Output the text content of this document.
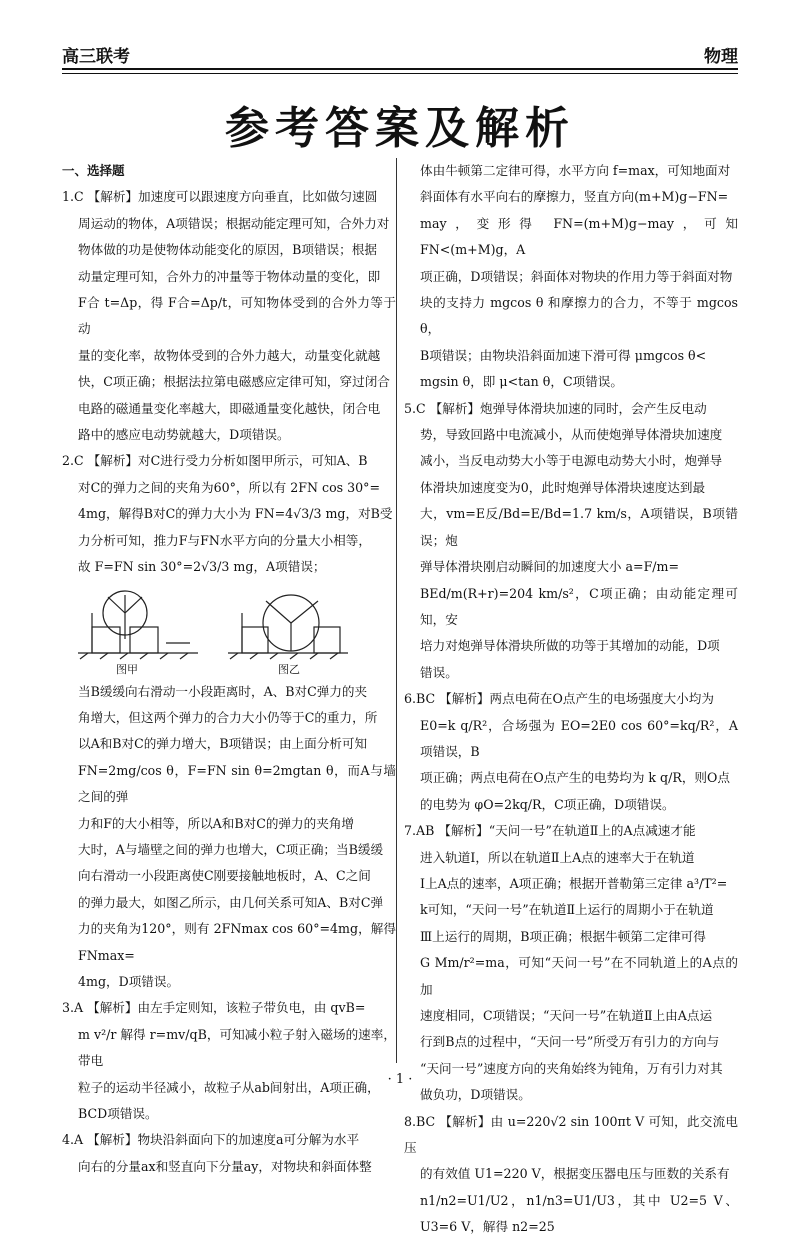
高三联考	物理
参考答案及解析
一、选择题
1.C 【解析】加速度可以跟速度方向垂直，比如做匀速圆
周运动的物体，A项错误；根据动能定理可知，合外力对
物体做的功是使物体动能变化的原因，B项错误；根据
动量定理可知，合外力的冲量等于物体动量的变化，即
F合 t=Δp，得 F合=Δp/t，可知物体受到的合外力等于动
量的变化率，故物体受到的合外力越大，动量变化就越
快，C项正确；根据法拉第电磁感应定律可知，穿过闭合
电路的磁通量变化率越大，即磁通量变化越快，闭合电
路中的感应电动势就越大，D项错误。
2.C 【解析】对C进行受力分析如图甲所示，可知A、B
对C的弹力之间的夹角为60°，所以有 2FN cos 30°=
4mg，解得B对C的弹力大小为 FN=4√3/3 mg，对B受
力分析可知，推力F与FN水平方向的分量大小相等，
故 F=FN sin 30°=2√3/3 mg，A项错误；
图甲	图乙
当B缓缓向右滑动一小段距离时，A、B对C弹力的夹
角增大，但这两个弹力的合力大小仍等于C的重力，所
以A和B对C的弹力增大，B项错误；由上面分析可知
FN=2mg/cos θ，F=FN sin θ=2mgtan θ，而A与墙之间的弹
力和F的大小相等，所以A和B对C的弹力的夹角增
大时，A与墙壁之间的弹力也增大，C项正确；当B缓缓
向右滑动一小段距离使C刚要接触地板时，A、C之间
的弹力最大，如图乙所示，由几何关系可知A、B对C弹
力的夹角为120°，则有 2FNmax cos 60°=4mg，解得 FNmax=
4mg，D项错误。
3.A 【解析】由左手定则知，该粒子带负电，由 qvB=
m v²/r 解得 r=mv/qB，可知减小粒子射入磁场的速率，带电
粒子的运动半径减小，故粒子从ab间射出，A项正确，
BCD项错误。
4.A 【解析】物块沿斜面向下的加速度a可分解为水平
向右的分量ax和竖直向下分量ay，对物块和斜面体整
体由牛顿第二定律可得，水平方向 f=max，可知地面对
斜面体有水平向右的摩擦力，竖直方向(m+M)g−FN=
may，变形得 FN=(m+M)g−may，可知 FN<(m+M)g，A
项正确，D项错误；斜面体对物块的作用力等于斜面对物
块的支持力 mgcos θ 和摩擦力的合力，不等于 mgcos θ，
B项错误；由物块沿斜面加速下滑可得 μmgcos θ<
mgsin θ，即 μ<tan θ，C项错误。
5.C 【解析】炮弹导体滑块加速的同时，会产生反电动
势，导致回路中电流减小，从而使炮弹导体滑块加速度
减小，当反电动势大小等于电源电动势大小时，炮弹导
体滑块加速度变为0，此时炮弹导体滑块速度达到最
大，vm=E反/Bd=E/Bd=1.7 km/s，A项错误，B项错误；炮
弹导体滑块刚启动瞬间的加速度大小 a=F/m=
BEd/m(R+r)=204 km/s²，C项正确；由动能定理可知，安
培力对炮弹导体滑块所做的功等于其增加的动能，D项
错误。
6.BC 【解析】两点电荷在O点产生的电场强度大小均为
E0=k q/R²，合场强为 EO=2E0 cos 60°=kq/R²，A项错误，B
项正确；两点电荷在O点产生的电势均为 k q/R，则O点
的电势为 φO=2kq/R，C项正确，D项错误。
7.AB 【解析】“天问一号”在轨道Ⅱ上的A点减速才能
进入轨道Ⅰ，所以在轨道Ⅱ上A点的速率大于在轨道
Ⅰ上A点的速率，A项正确；根据开普勒第三定律 a³/T²=
k可知，“天问一号”在轨道Ⅱ上运行的周期小于在轨道
Ⅲ上运行的周期，B项正确；根据牛顿第二定律可得
G Mm/r²=ma，可知“天问一号”在不同轨道上的A点的加
速度相同，C项错误；“天问一号”在轨道Ⅱ上由A点运
行到B点的过程中，“天问一号”所受万有引力的方向与
“天问一号”速度方向的夹角始终为钝角，万有引力对其
做负功，D项错误。
8.BC 【解析】由 u=220√2 sin 100πt V 可知，此交流电压
的有效值 U1=220 V，根据变压器电压与匝数的关系有
n1/n2=U1/U2，n1/n3=U1/U3，其中 U2=5 V、U3=6 V，解得 n2=25
· 1 ·
